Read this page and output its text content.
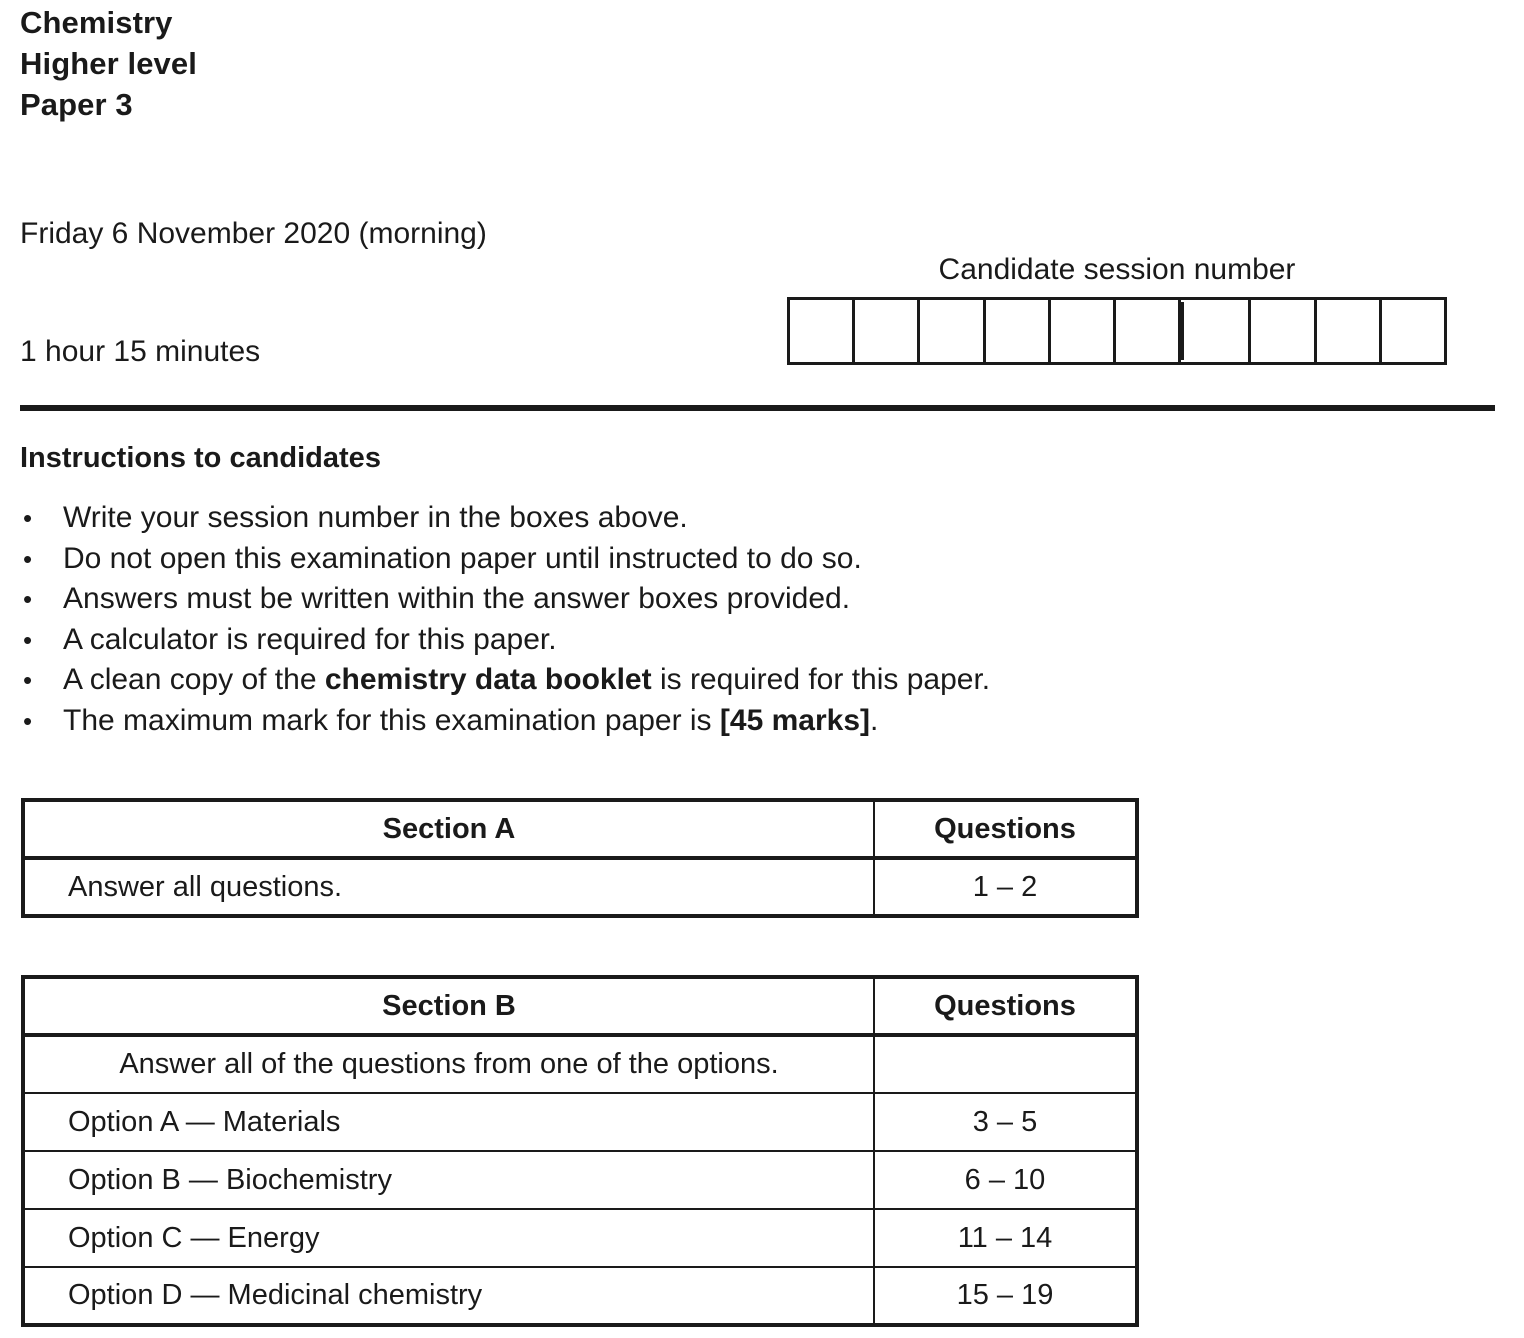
Chemistry
Higher level
Paper 3
Friday 6 November 2020 (morning)
1 hour 15 minutes
Candidate session number
Instructions to candidates
• Write your session number in the boxes above.
• Do not open this examination paper until instructed to do so.
• Answers must be written within the answer boxes provided.
• A calculator is required for this paper.
• A clean copy of the chemistry data booklet is required for this paper.
• The maximum mark for this examination paper is [45 marks].
Section A	Questions
Answer all questions.	1 – 2
Section B	Questions
Answer all of the questions from one of the options.	
Option A — Materials	3 – 5
Option B — Biochemistry	6 – 10
Option C — Energy	11 – 14
Option D — Medicinal chemistry	15 – 19
